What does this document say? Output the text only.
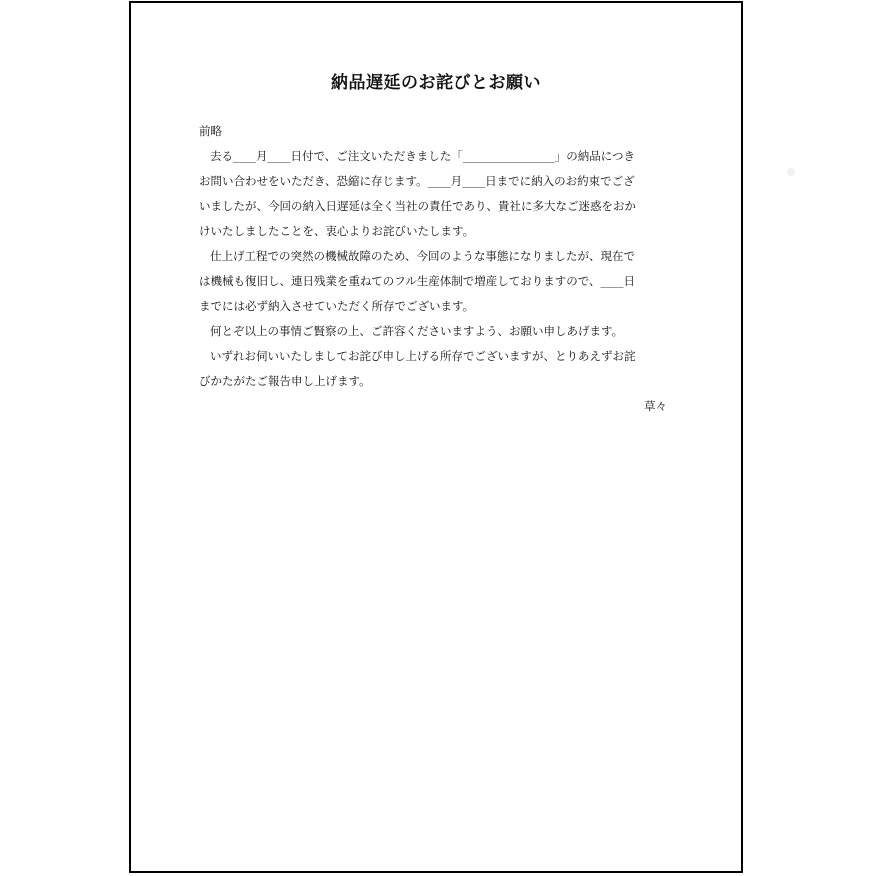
納品遅延のお詫びとお願い
前略
去る____月____日付で、ご注文いただきました「________________」の納品につき
お問い合わせをいただき、恐縮に存じます。____月____日までに納入のお約束でござ
いましたが、今回の納入日遅延は全く当社の責任であり、貴社に多大なご迷惑をおか
けいたしましたことを、衷心よりお詫びいたします。
仕上げ工程での突然の機械故障のため、今回のような事態になりましたが、現在で
は機械も復旧し、連日残業を重ねてのフル生産体制で増産しておりますので、____日
までには必ず納入させていただく所存でございます。
何とぞ以上の事情ご賢察の上、ご許容くださいますよう、お願い申しあげます。
いずれお伺いいたしましてお詫び申し上げる所存でございますが、とりあえずお詫
びかたがたご報告申し上げます。
草々
